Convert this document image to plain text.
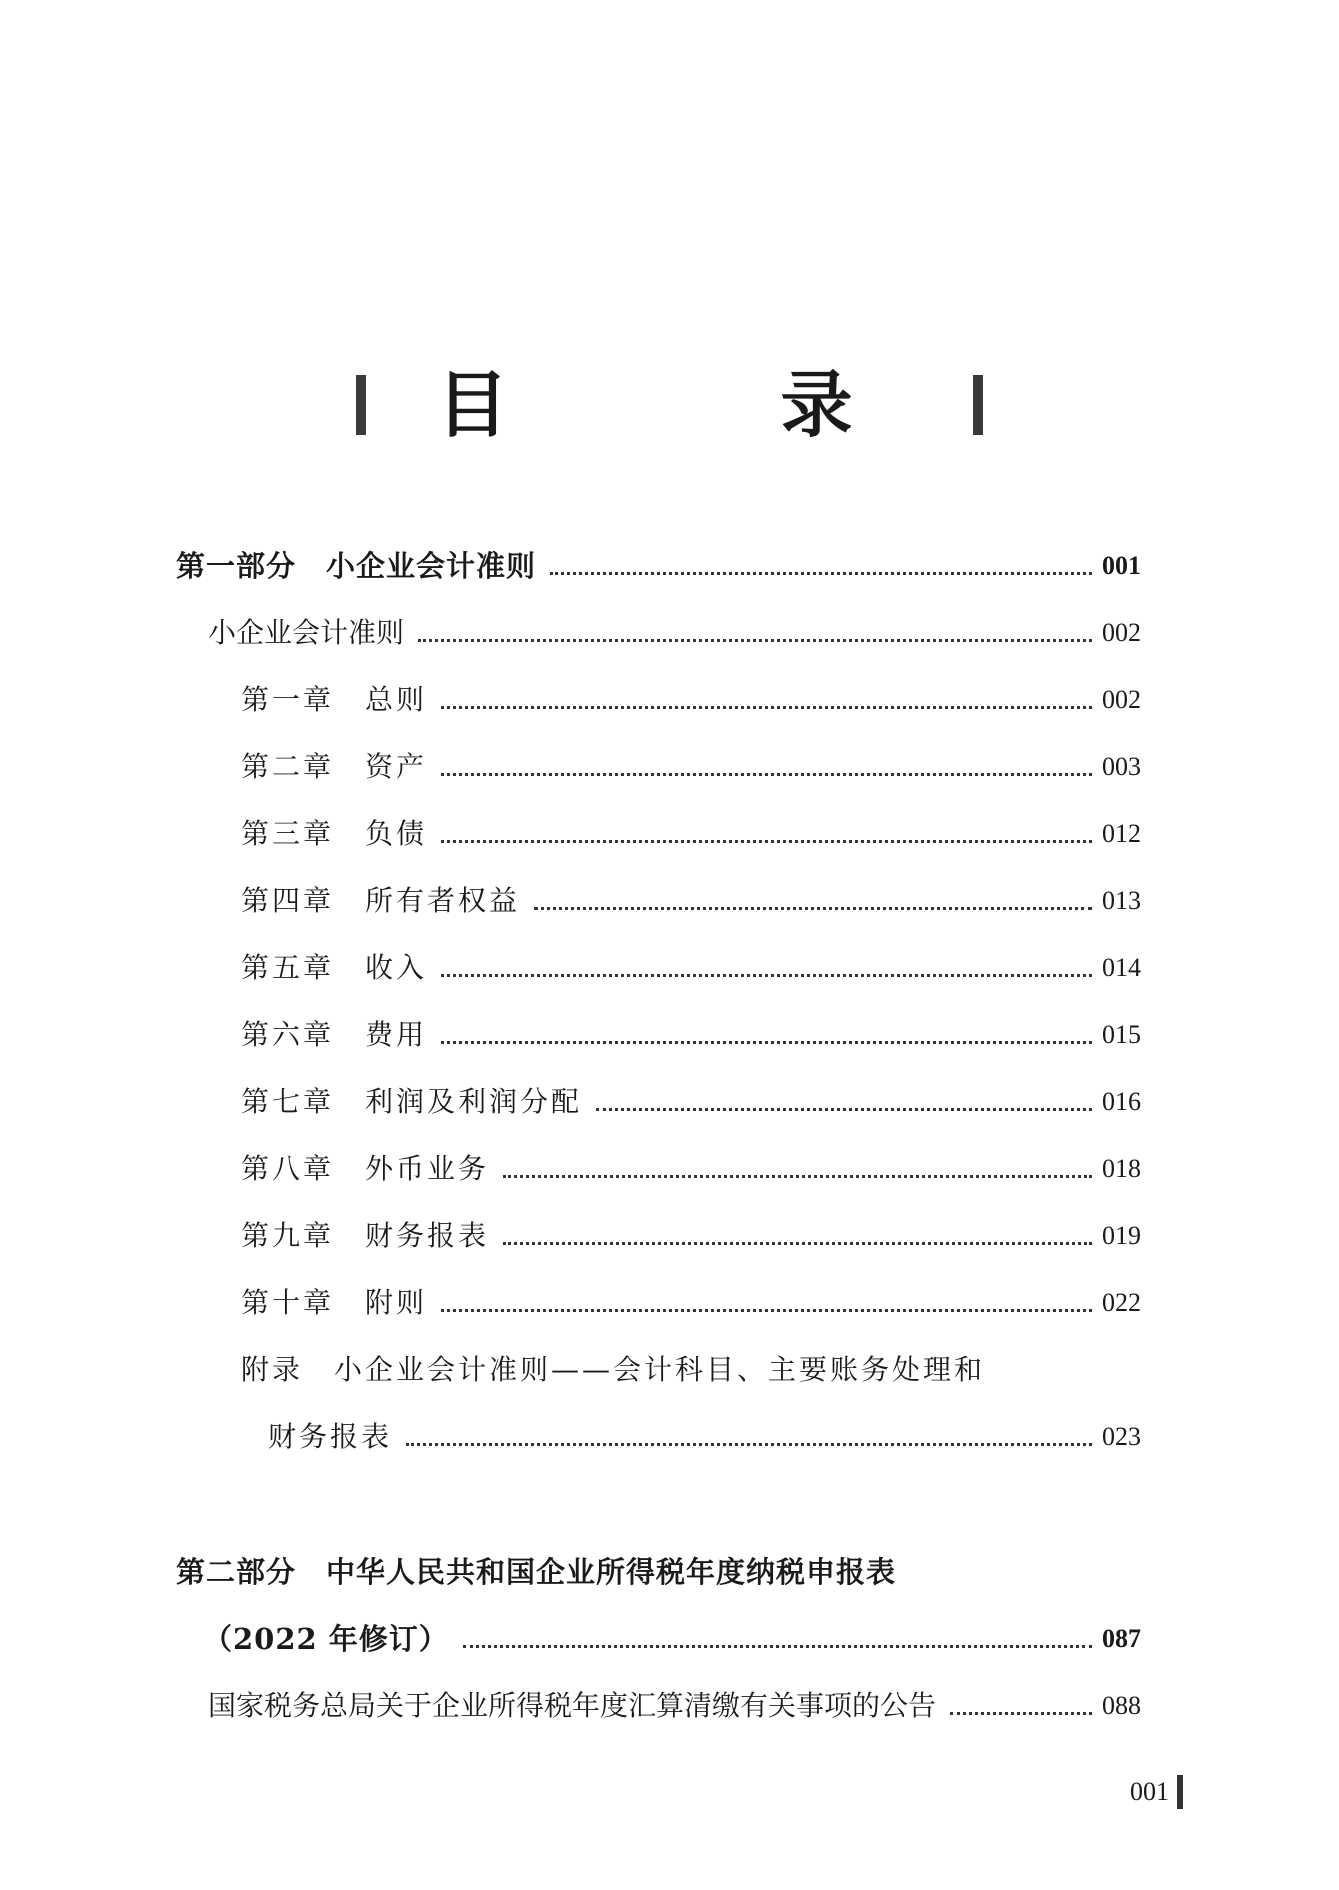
目　录
第一部分　小企业会计准则	001
小企业会计准则	002
第一章　总则	002
第二章　资产	003
第三章　负债	012
第四章　所有者权益	013
第五章　收入	014
第六章　费用	015
第七章　利润及利润分配	016
第八章　外币业务	018
第九章　财务报表	019
第十章　附则	022
附录　小企业会计准则——会计科目、主要账务处理和
财务报表	023
第二部分　中华人民共和国企业所得税年度纳税申报表
（2022 年修订）	087
国家税务总局关于企业所得税年度汇算清缴有关事项的公告	088
001
